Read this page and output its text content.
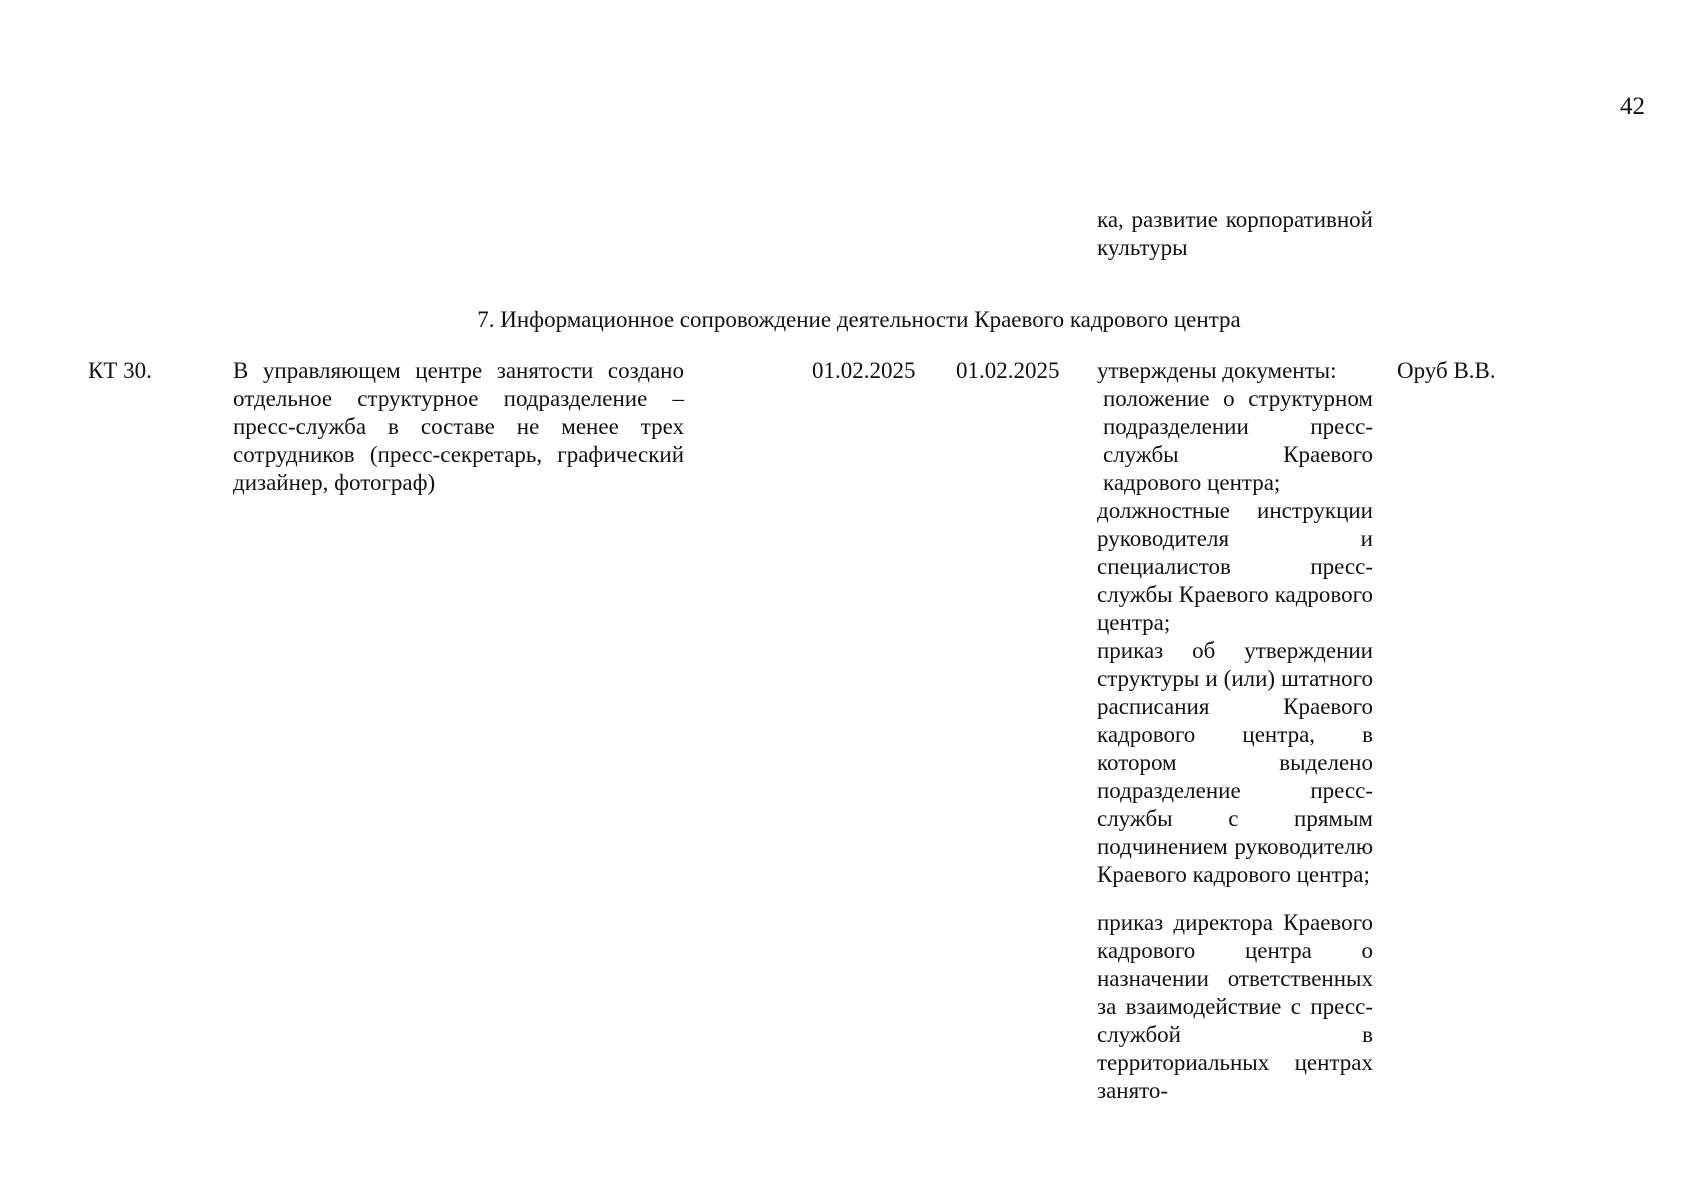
42
ка, развитие корпоративной культуры
7. Информационное сопровождение деятельности Краевого кадрового центра
КТ 30.	В управляющем центре занятости создано отдельное структурное подразделение – пресс-служба в составе не менее трех сотрудников (пресс-секретарь, графический дизайнер, фотограф)
01.02.2025 01.02.2025 утверждены документы:
положение о структурном подразделении пресс-службы Краевого кадрового центра;
должностные инструкции руководителя и специалистов пресс-службы Краевого кадрового центра;
приказ об утверждении структуры и (или) штатного расписания Краевого кадрового центра, в котором выделено подразделение пресс-службы с прямым подчинением руководителю Краевого кадрового центра;
приказ директора Краевого кадрового центра о назначении ответственных за взаимодействие с пресс-службой в территориальных центрах занято-
Оруб В.В.
